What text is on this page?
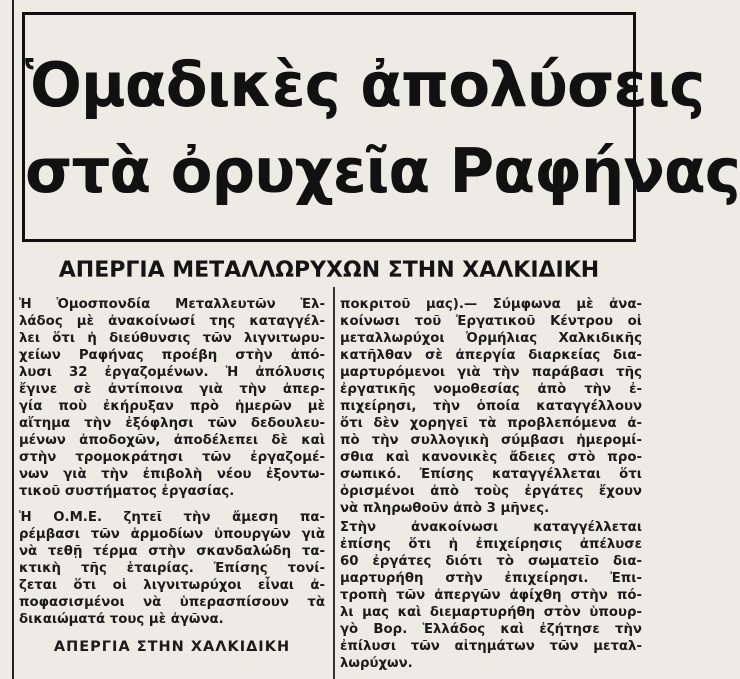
Ὁμαδικὲς ἀπολύσεις
στὰ ὀρυχεῖα Ραφήνας
ΑΠΕΡΓΙΑ ΜΕΤΑΛΛΩΡΥΧΩΝ ΣΤΗΝ ΧΑΛΚΙΔΙΚΗ
Ἡ Ὁμοσπονδία Μεταλλευτῶν Ἑλ-
λάδος μὲ ἀνακοίνωσί της καταγγέλ-
λει ὅτι ἡ διεύθυνσις τῶν λιγνιτωρυ-
χείων Ραφήνας προέβη στὴν ἀπό-
λυσι 32 ἐργαζομένων. Ἡ ἀπόλυσις
ἔγινε σὲ ἀντίποινα γιὰ τὴν ἀπερ-
γία ποὺ ἐκήρυξαν πρὸ ἡμερῶν μὲ
αἴτημα τὴν ἐξόφλησι τῶν δεδουλευ-
μένων ἀποδοχῶν, ἀποδέλεπει δὲ καὶ
στὴν τρομοκράτησι τῶν ἐργαζομέ-
νων γιὰ τὴν ἐπιβολὴ νέου ἐξοντω-
τικοῦ συστήματος ἐργασίας.
Ἡ Ο.Μ.Ε. ζητεῖ τὴν ἄμεση πα-
ρέμβασι τῶν ἁρμοδίων ὑπουργῶν γιὰ
νὰ τεθῇ τέρμα στὴν σκανδαλώδη τα-
κτικὴ τῆς ἑταιρίας. Ἐπίσης τονί-
ζεται ὅτι οἱ λιγνιτωρύχοι εἶναι ἀ-
ποφασισμένοι νὰ ὑπερασπίσουν τὰ
δικαιώματά τους μὲ ἀγῶνα.
ΑΠΕΡΓΙΑ ΣΤΗΝ ΧΑΛΚΙΔΙΚΗ
ποκριτοῦ μας).— Σύμφωνα μὲ ἀνα-
κοίνωσι τοῦ Ἐργατικοῦ Κέντρου οἱ
μεταλλωρύχοι Ὀρμήλιας Χαλκιδικῆς
κατῆλθαν σὲ ἀπεργία διαρκείας δια-
μαρτυρόμενοι γιὰ τὴν παράβασι τῆς
ἐργατικῆς νομοθεσίας ἀπὸ τὴν ἐ-
πιχείρησι, τὴν ὁποία καταγγέλλουν
ὅτι δὲν χορηγεῖ τὰ προβλεπόμενα ἀ-
πὸ τὴν συλλογικὴ σύμβασι ἡμερομί-
σθια καὶ κανονικὲς ἄδειες στὸ προ-
σωπικό. Ἐπίσης καταγγέλλεται ὅτι
ὁρισμένοι ἀπὸ τοὺς ἐργάτες ἔχουν
νὰ πληρωθοῦν ἀπὸ 3 μῆνες.
Στὴν ἀνακοίνωσι καταγγέλλεται
ἐπίσης ὅτι ἡ ἐπιχείρησις ἀπέλυσε
60 ἐργάτες διότι τὸ σωματεῖο δια-
μαρτυρήθη στὴν ἐπιχείρησι. Ἐπι-
τροπὴ τῶν ἀπεργῶν ἀφίχθη στὴν πό-
λι μας καὶ διεμαρτυρήθη στὸν ὑπουρ-
γὸ Βορ. Ἑλλάδος καὶ ἐζήτησε τὴν
ἐπίλυσι τῶν αἰτημάτων τῶν μεταλ-
λωρύχων.
